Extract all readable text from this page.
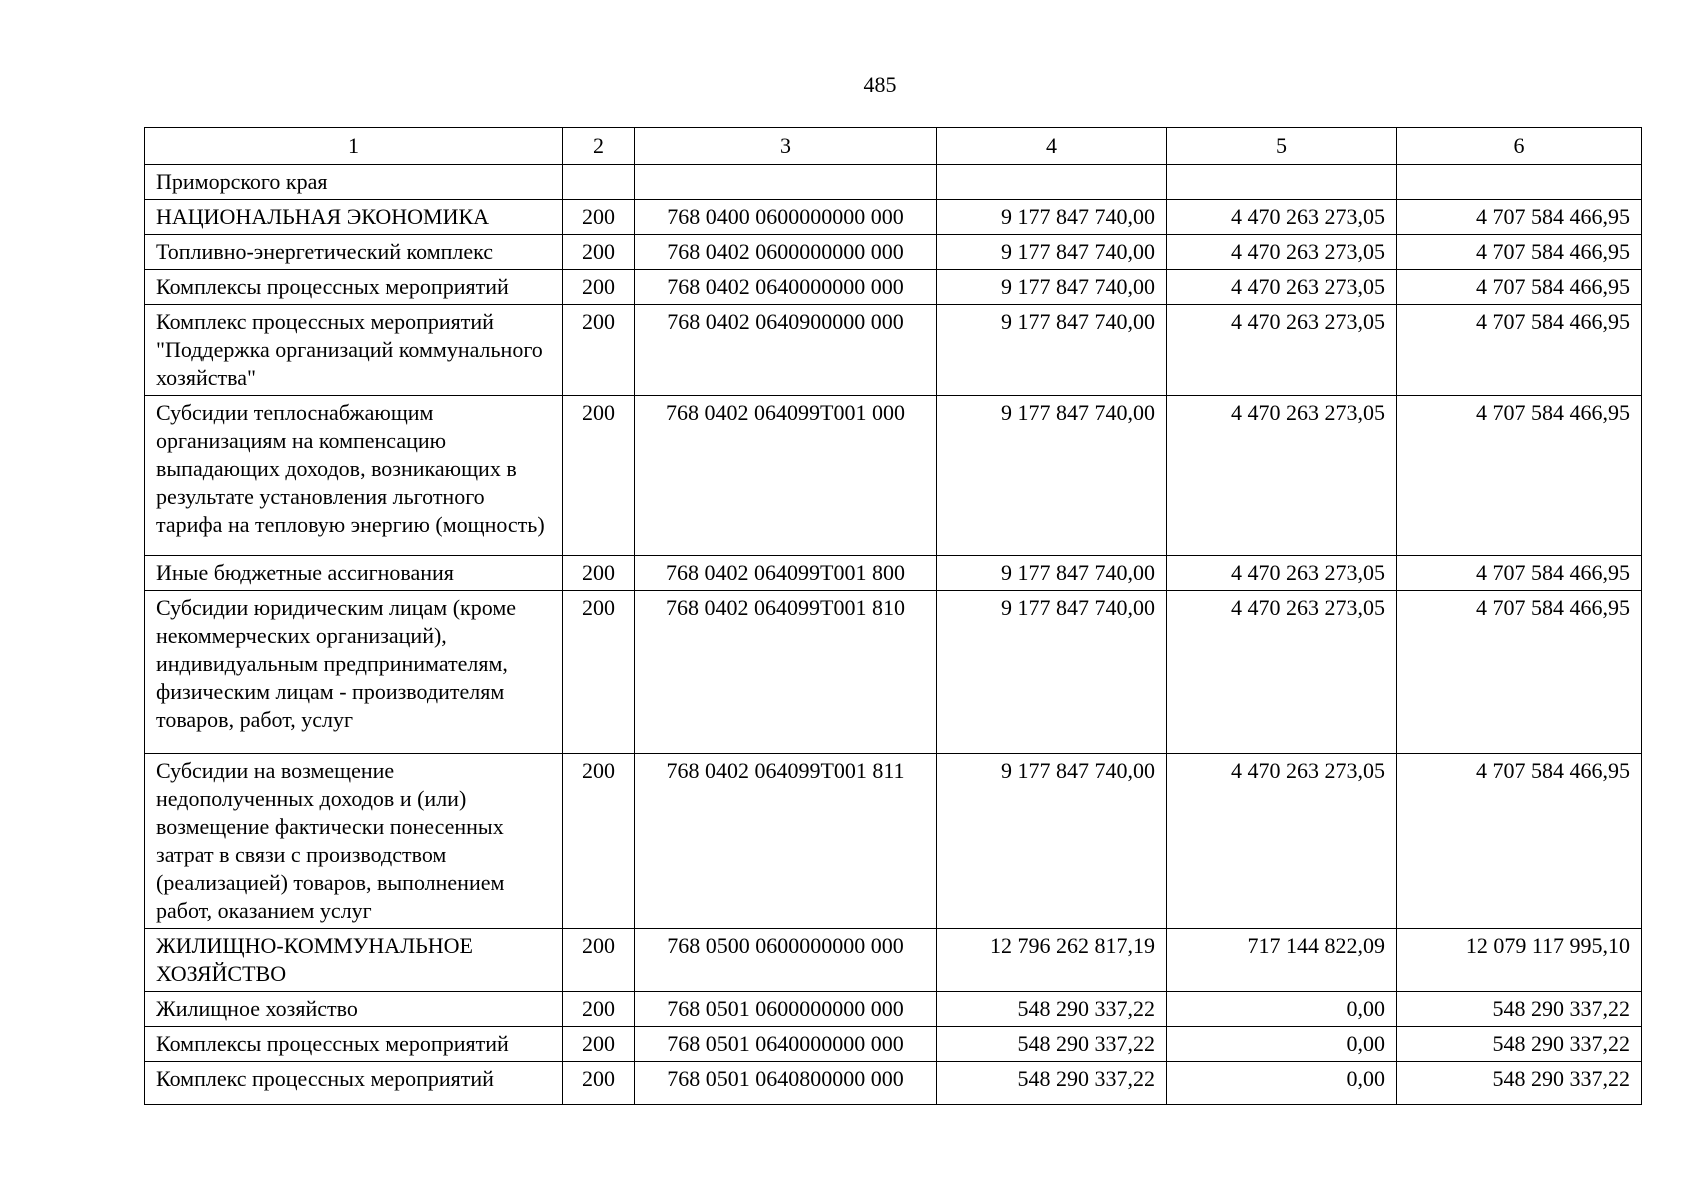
485
1	2	3	4	5	6
Приморского края					
НАЦИОНАЛЬНАЯ ЭКОНОМИКА	200	768 0400 0600000000 000	9 177 847 740,00	4 470 263 273,05	4 707 584 466,95
Топливно-энергетический комплекс	200	768 0402 0600000000 000	9 177 847 740,00	4 470 263 273,05	4 707 584 466,95
Комплексы процессных мероприятий	200	768 0402 0640000000 000	9 177 847 740,00	4 470 263 273,05	4 707 584 466,95
Комплекс процессных мероприятий "Поддержка организаций коммунального хозяйства"	200	768 0402 0640900000 000	9 177 847 740,00	4 470 263 273,05	4 707 584 466,95
Субсидии теплоснабжающим организациям на компенсацию выпадающих доходов, возникающих в результате установления льготного тарифа на тепловую энергию (мощность)	200	768 0402 064099Т001 000	9 177 847 740,00	4 470 263 273,05	4 707 584 466,95
Иные бюджетные ассигнования	200	768 0402 064099Т001 800	9 177 847 740,00	4 470 263 273,05	4 707 584 466,95
Субсидии юридическим лицам (кроме некоммерческих организаций), индивидуальным предпринимателям, физическим лицам - производителям товаров, работ, услуг	200	768 0402 064099Т001 810	9 177 847 740,00	4 470 263 273,05	4 707 584 466,95
Субсидии на возмещение недополученных доходов и (или) возмещение фактически понесенных затрат в связи с производством (реализацией) товаров, выполнением работ, оказанием услуг	200	768 0402 064099Т001 811	9 177 847 740,00	4 470 263 273,05	4 707 584 466,95
ЖИЛИЩНО-КОММУНАЛЬНОЕ ХОЗЯЙСТВО	200	768 0500 0600000000 000	12 796 262 817,19	717 144 822,09	12 079 117 995,10
Жилищное хозяйство	200	768 0501 0600000000 000	548 290 337,22	0,00	548 290 337,22
Комплексы процессных мероприятий	200	768 0501 0640000000 000	548 290 337,22	0,00	548 290 337,22
Комплекс процессных мероприятий	200	768 0501 0640800000 000	548 290 337,22	0,00	548 290 337,22
